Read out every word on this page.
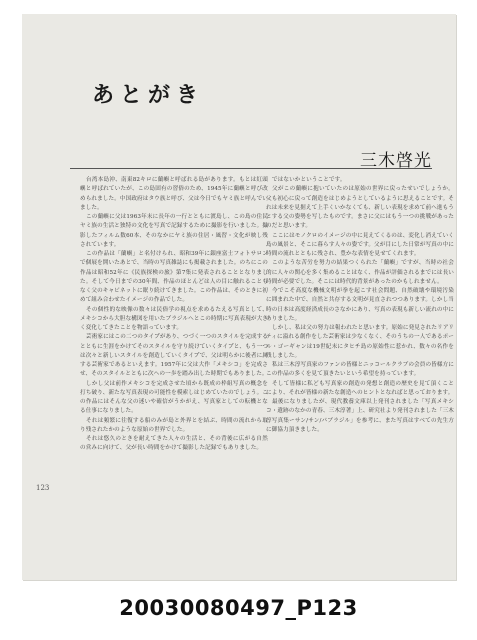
あとがき
三木啓光

台湾本島沖、南東82キロに蘭嶼と呼ばれる島があります。もとは紅頭嶼と呼ばれていたが、この島固有の習俗のため、1945年に蘭嶼と呼び改められました。中国政府はタウ族と呼び、父は今日でもヤミ族と呼んでいました。

この蘭嶼に父は1963年末に長年の一行とともに渡島し、この島の住民ヤミ族の生活と独特の文化を写真で記録するために撮影を行いました。撮影したフィルム数60本、そのなかにヤミ族の住居・風習・文化が映し残されています。

この作品は「蘭嶼」と名付けられ、昭和39年に銀座富士フォトサロンで個展を開いたあとで、当時の写真雑誌にも掲載されました。のちにこの作品は昭和52年に《民族探検の旅》第7集に発表されることとなりました。そして今日までの30年間、作品のほとんどは人の目に触れることもなく父のキャビネットに眠り続けてきました。この作品は、そのときに初めて組み合わせたイメージの作品でした。

その個性的な映像の数々は民俗学の視点を求めるたえる写真として、メキシコから大胆な構図を用いたブラジルへとこの時期に写真表現が大きく変化してきたことを物語っています。

芸術家にはこの二つのタイプがあり、つづく一つのスタイルを完成するとともに生涯をかけてそのスタイルを守り続けていくタイプと、もう一つは次々と新しいスタイルを創造していくタイプで、父は明らかに後者に属する芸術家であるといえます。1957年に父は大作「メキシコ」を完成させ、そのスタイルとともに次への一歩を踏み出した時期でもありました。

しかし父は前作メキシコを完成させた頃から既成の枠組写真の概念を打ち破り、新たな写真表現の可能性を模索しはじめていたのでしょう。この作品にはそんな父の迷いや確信がうかがえ、写真家としての転機となる仕事になりました。

それは頻繁に往復する船のみが島と外界とを結ぶ、時間の流れから取り残されたかのような原始の世界でした。

それは悠久のときを耐えてきた人々の生活と、その背後に広がる自然の営みに向けて、父が長い時間をかけて撮影した記録でもありました。

ではないかということです。

父がこの蘭嶼に抱いていたのは原始の世界に戻ったせいでしょうか。父も初心に戻って創造をはじめようとしているように思えることです。それは未来を見据えて上手くいかなくても、新しい表現を求めて前へ進もうとする父の姿勢を写したものです。まさに父にはもう一つの挑戦があったのだと思います。

ここにはモノクロのイメージの中に見えてくるのは、変化し消えていく島の風景と、そこに暮らす人々の姿です。父が目にした日常が写真の中に時間の流れとともに残され、豊かな表情を見せてくれます。

このような苦労を努力の結果つくられた「蘭嶼」ですが、当時の社会的に人々の関心を多く集めることはなく、作品が評価されるまでには長い時間が必要でした。そこには時代的背景があったのかもしれません。

今でこそ高度な機械文明が拳を起こす社会問題、自然破壊や環境汚染に囲まれた中で、自然と共存する文明が見直されつつあります。しかし当時の日本は高度経済成長のさなかにあり、写真の表現も新しい流れの中にありました。

しかし、私は父の努力は報われたと思います。原始に発見されたリアリティに溢れる創作をした芸術家は少なくなく、そのうちの一人であるポール・ゴーギャンは19世紀末にタヒチ島の原始性に惹かれ、数々の名作を残しました。

私は三木淳写真家のファンの皆様とニッコールクラブの会員の皆様方にこの作品の多くを見て頂きたいという希望を持っています。

そして皆様に私ども写真家の創造の発想と創造の歴史を見て頂くことにより、それが皆様の新たな創造へのヒントとなればと思っております。

最後になりましたが、現代教養文庫以上発刊されました「写真メキシコ・遺跡のなかの青春、三木淳著」上、研究社より発刊されました「三木淳写真集ーサン/サン/パブラジル」を参考に、また写真はすべての先生方に御協力頂きました。

123
20030080497_P123
